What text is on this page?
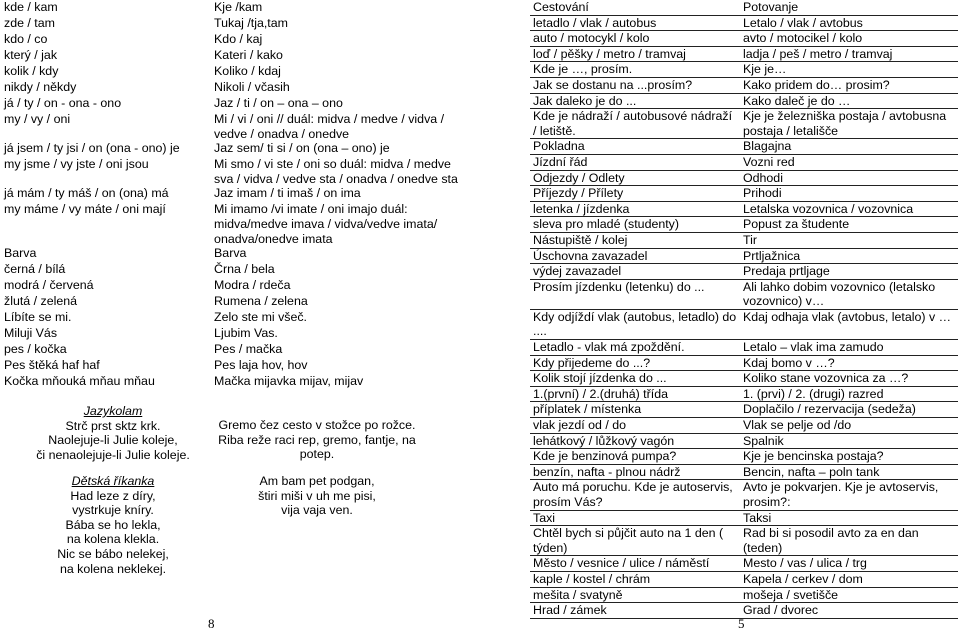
kde / kam	Kje /kam
zde / tam	Tukaj /tja,tam
kdo / co	Kdo / kaj
který / jak	Kateri / kako
kolik / kdy	Koliko / kdaj
nikdy / někdy	Nikoli / včasih
já / ty / on - ona - ono	Jaz / ti / on – ona – ono
my / vy / oni	Mi / vi / oni // duál: midva / medve / vidva / vedve / onadva / onedve
já jsem / ty jsi / on (ona - ono) je	Jaz sem/ ti si / on (ona – ono) je
my jsme / vy jste / oni jsou	Mi smo / vi ste / oni so duál: midva / medve sva / vidva / vedve sta / onadva / onedve sta
já mám / ty máš / on (ona) má	Jaz imam / ti imaš / on ima
my máme / vy máte / oni mají	Mi imamo /vi imate / oni imajo duál: midva/medve imava / vidva/vedve imata/ onadva/onedve imata
Barva	Barva
černá / bílá	Črna / bela
modrá / červená	Modra / rdeča
žlutá / zelená	Rumena / zelena
Líbíte se mi.	Zelo ste mi všeč.
Miluji Vás	Ljubim Vas.
pes / kočka	Pes / mačka
Pes štěká haf haf	Pes laja hov, hov
Kočka mňouká mňau mňau	Mačka mijavka mijav, mijav
Jazykolam
Strč prst sktz krk.
Naolejuje-li Julie koleje,
či nenaolejuje-li Julie koleje.
Gremo čez cesto v stožce po rožce.
Riba reže raci rep, gremo, fantje, na
potep.
Dětská říkanka
Had leze z díry,
vystrkuje kníry.
Bába se ho lekla,
na kolena klekla.
Nic se bábo nelekej,
na kolena neklekej.
Am bam pet podgan,
štiri miši v uh me pisi,
vija vaja ven.
8
Cestování	Potovanje
letadlo / vlak / autobus	Letalo / vlak / avtobus
auto / motocykl / kolo	avto / motocikel / kolo
loď / pěšky / metro / tramvaj	ladja / peš / metro / tramvaj
Kde je …, prosím.	Kje je…
Jak se dostanu na ...prosím?	Kako pridem do… prosim?
Jak daleko je do ...	Kako dalеč je do …
Kde je nádraží / autobusové nádraží / letiště.	Kje je železniška postaja / avtobusna postaja / letališče
Pokladna	Blagajna
Jízdní řád	Vozni red
Odjezdy / Odlety	Odhodi
Příjezdy / Přílety	Prihodi
letenka / jízdenka	Letalska vozovnica / vozovnica
sleva pro mladé (studenty)	Popust za študente
Nástupiště / kolej	Tir
Úschovna zavazadel	Prtljažnica
výdej zavazadel	Predaja prtljage
Prosím jízdenku (letenku) do ...	Ali lahko dobim vozovnico (letalsko vozovnico) v…
Kdy odjíždí vlak (autobus, letadlo) do ....	Kdaj odhaja vlak (avtobus, letalo) v …
Letadlo - vlak má zpoždění.	Letalo – vlak ima zamudo
Kdy přijedeme do ...?	Kdaj bomo v …?
Kolik stojí jízdenka do ...	Koliko stane vozovnica za …?
1.(první) / 2.(druhá) třída	1. (prvi) / 2. (drugi) razred
příplatek / místenka	Doplačilo / rezervacija (sedeža)
vlak jezdí od / do	Vlak se pelje od /do
lehátkový / lůžkový vagón	Spalnik
Kde je benzinová pumpa?	Kje je bencinska postaja?
benzín, nafta - plnou nádrž	Bencin, nafta – poln tank
Auto má poruchu. Kde je autoservis, prosím Vás?	Avto je pokvarjen. Kje je avtoservis, prosim?:
Taxi	Taksi
Chtěl bych si půjčit auto na 1 den ( týden)	Rad bi si posodil avto za en dan (teden)
Město / vesnice / ulice / náměstí	Mesto / vas / ulica / trg
kaple / kostel / chrám	Kapela / cerkev / dom
mešita / svatyně	mošeja / svetišče
Hrad / zámek	Grad / dvorec
5
